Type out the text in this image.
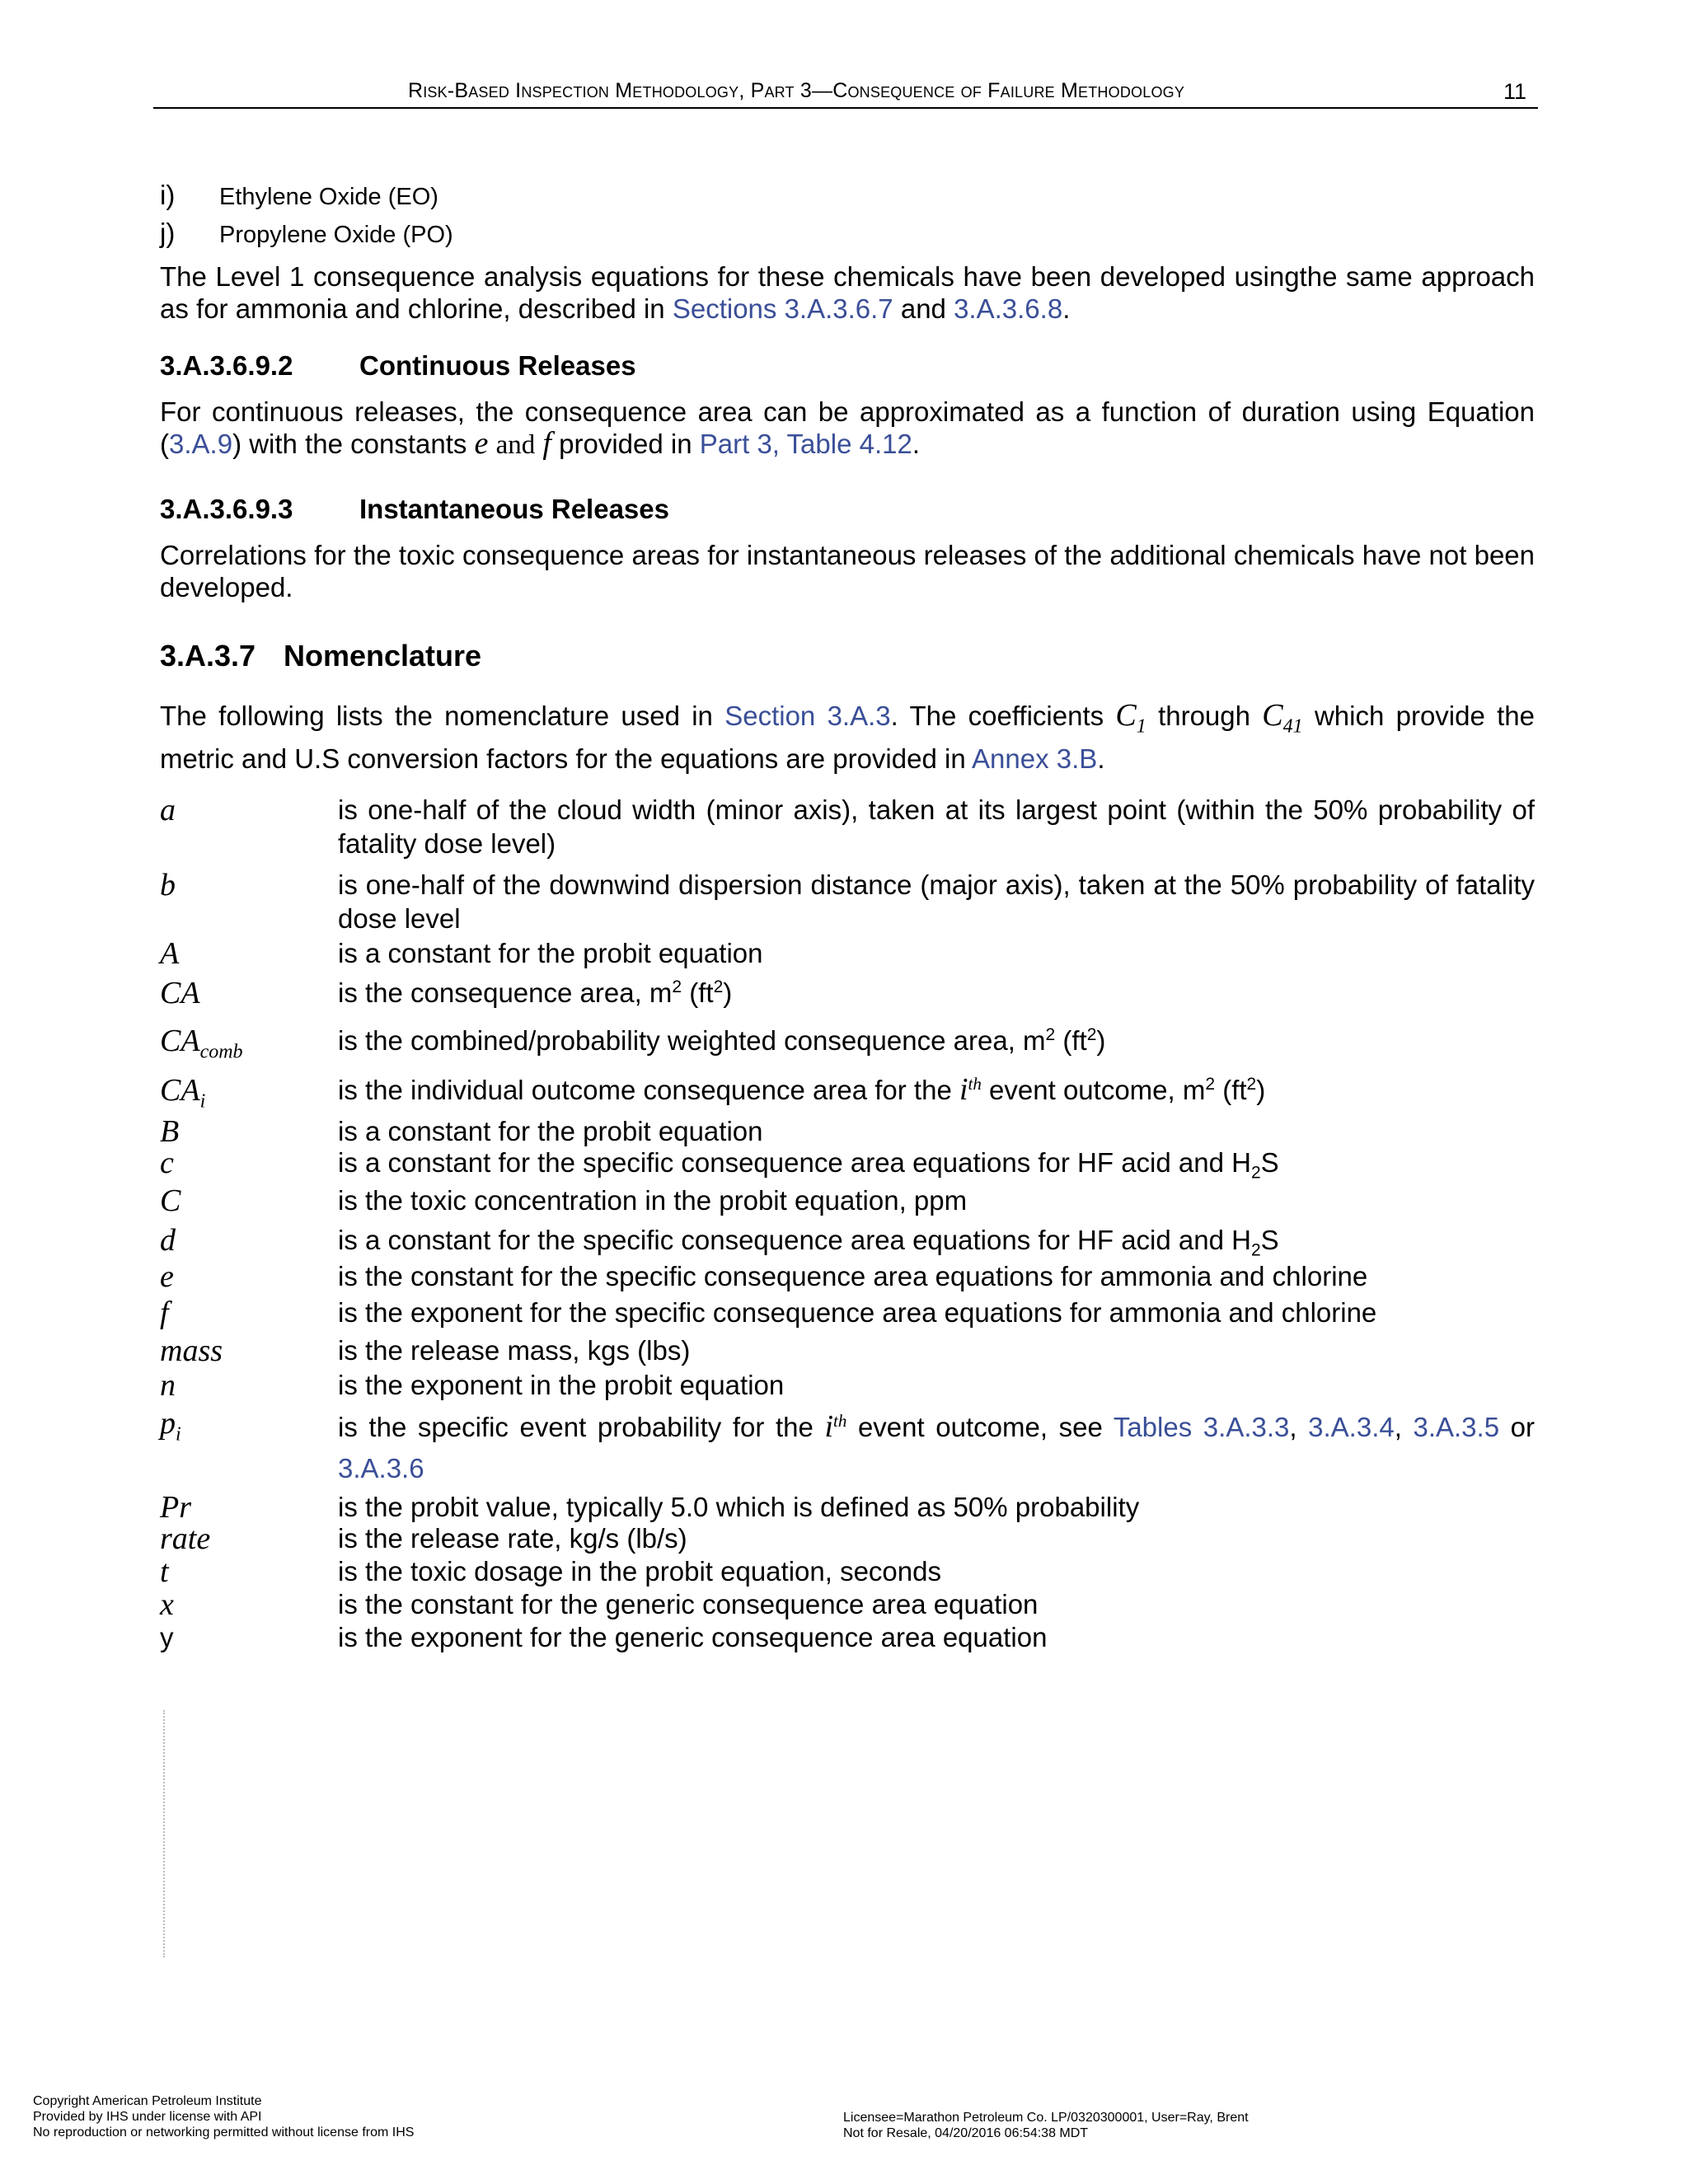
Risk-Based Inspection Methodology, Part 3—Consequence of Failure Methodology	11
i) Ethylene Oxide (EO)
j) Propylene Oxide (PO)

The Level 1 consequence analysis equations for these chemicals have been developed usingthe same approach as for ammonia and chlorine, described in Sections 3.A.3.6.7 and 3.A.3.6.8.

3.A.3.6.9.2 Continuous Releases

For continuous releases, the consequence area can be approximated as a function of duration using Equation (3.A.9) with the constants e and f provided in Part 3, Table 4.12.

3.A.3.6.9.3 Instantaneous Releases

Correlations for the toxic consequence areas for instantaneous releases of the additional chemicals have not been developed.

3.A.3.7 Nomenclature

The following lists the nomenclature used in Section 3.A.3. The coefficients $C_1$ through $C_{41}$ which provide the metric and U.S conversion factors for the equations are provided in Annex 3.B.

a	is one-half of the cloud width (minor axis), taken at its largest point (within the 50% probability of fatality dose level)
b	is one-half of the downwind dispersion distance (major axis), taken at the 50% probability of fatality dose level
A	is a constant for the probit equation
CA	is the consequence area, $m^2$ $(ft^2)$
$CA_{comb}$	is the combined/probability weighted consequence area, $m^2$ $(ft^2)$
$CA_i$	is the individual outcome consequence area for the $i^{th}$ event outcome, $m^2$ $(ft^2)$
B	is a constant for the probit equation
c	is a constant for the specific consequence area equations for HF acid and $H_2S$
C	is the toxic concentration in the probit equation, ppm
d	is a constant for the specific consequence area equations for HF acid and $H_2S$
e	is the constant for the specific consequence area equations for ammonia and chlorine
f	is the exponent for the specific consequence area equations for ammonia and chlorine
mass	is the release mass, kgs (lbs)
n	is the exponent in the probit equation
$p_i$	is the specific event probability for the $i^{th}$ event outcome, see Tables 3.A.3.3, 3.A.3.4, 3.A.3.5 or 3.A.3.6
Pr	is the probit value, typically 5.0 which is defined as 50% probability
rate	is the release rate, kg/s (lb/s)
t	is the toxic dosage in the probit equation, seconds
x	is the constant for the generic consequence area equation
y	is the exponent for the generic consequence area equation
Copyright American Petroleum Institute
Provided by IHS under license with API
No reproduction or networking permitted without license from IHS
Licensee=Marathon Petroleum Co. LP/0320300001, User=Ray, Brent
Not for Resale, 04/20/2016 06:54:38 MDT
